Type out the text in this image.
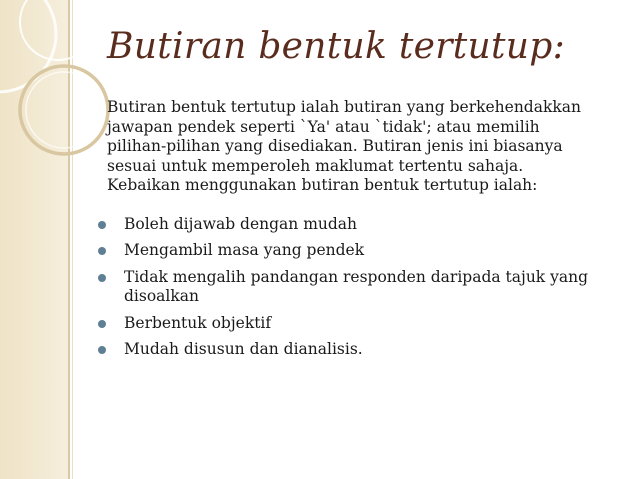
Butiran bentuk tertutup:

Butiran bentuk tertutup ialah butiran yang berkehendakkan
jawapan pendek seperti `Ya' atau `tidak'; atau memilih
pilihan-pilihan yang disediakan. Butiran jenis ini biasanya
sesuai untuk memperoleh maklumat tertentu sahaja.
Kebaikan menggunakan butiran bentuk tertutup ialah:

Boleh dijawab dengan mudah
Mengambil masa yang pendek
Tidak mengalih pandangan responden daripada tajuk yang disoalkan
Berbentuk objektif
Mudah disusun dan dianalisis.
